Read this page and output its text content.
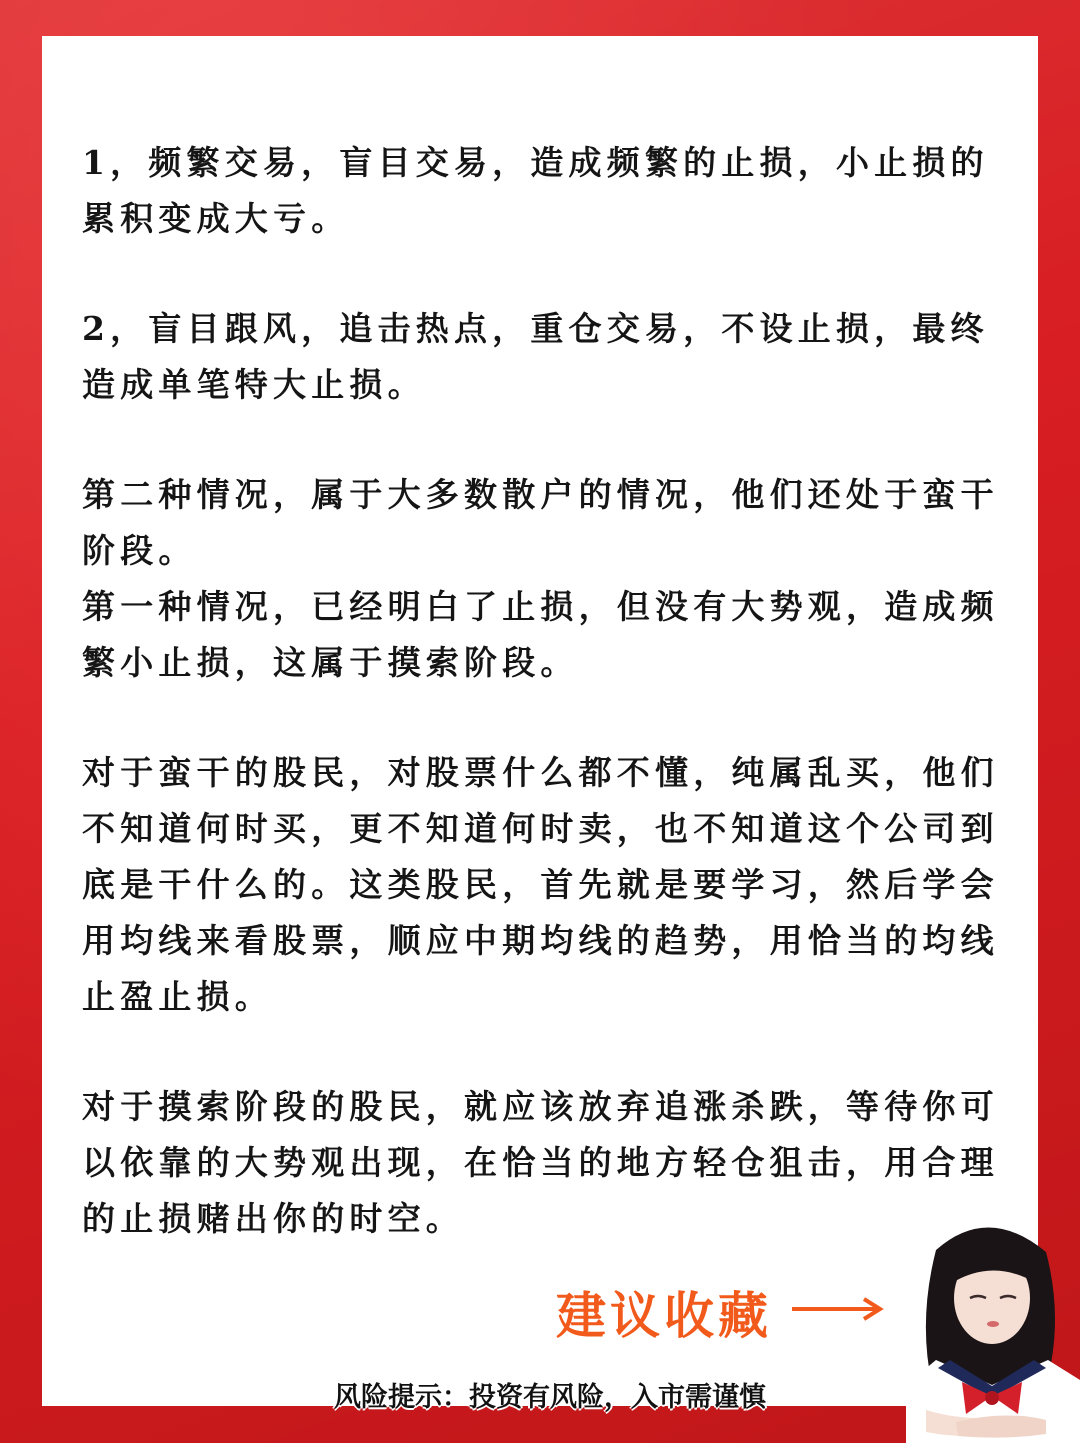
1，频繁交易，盲目交易，造成频繁的止损，小止损的累积变成大亏。

2，盲目跟风，追击热点，重仓交易，不设止损，最终造成单笔特大止损。

第二种情况，属于大多数散户的情况，他们还处于蛮干阶段。

第一种情况，已经明白了止损，但没有大势观，造成频繁小止损，这属于摸索阶段。

对于蛮干的股民，对股票什么都不懂，纯属乱买，他们不知道何时买，更不知道何时卖，也不知道这个公司到底是干什么的。这类股民，首先就是要学习，然后学会用均线来看股票，顺应中期均线的趋势，用恰当的均线止盈止损。

对于摸索阶段的股民，就应该放弃追涨杀跌，等待你可以依靠的大势观出现，在恰当的地方轻仓狙击，用合理的止损赌出你的时空。

建议收藏
风险提示：投资有风险，入市需谨慎
